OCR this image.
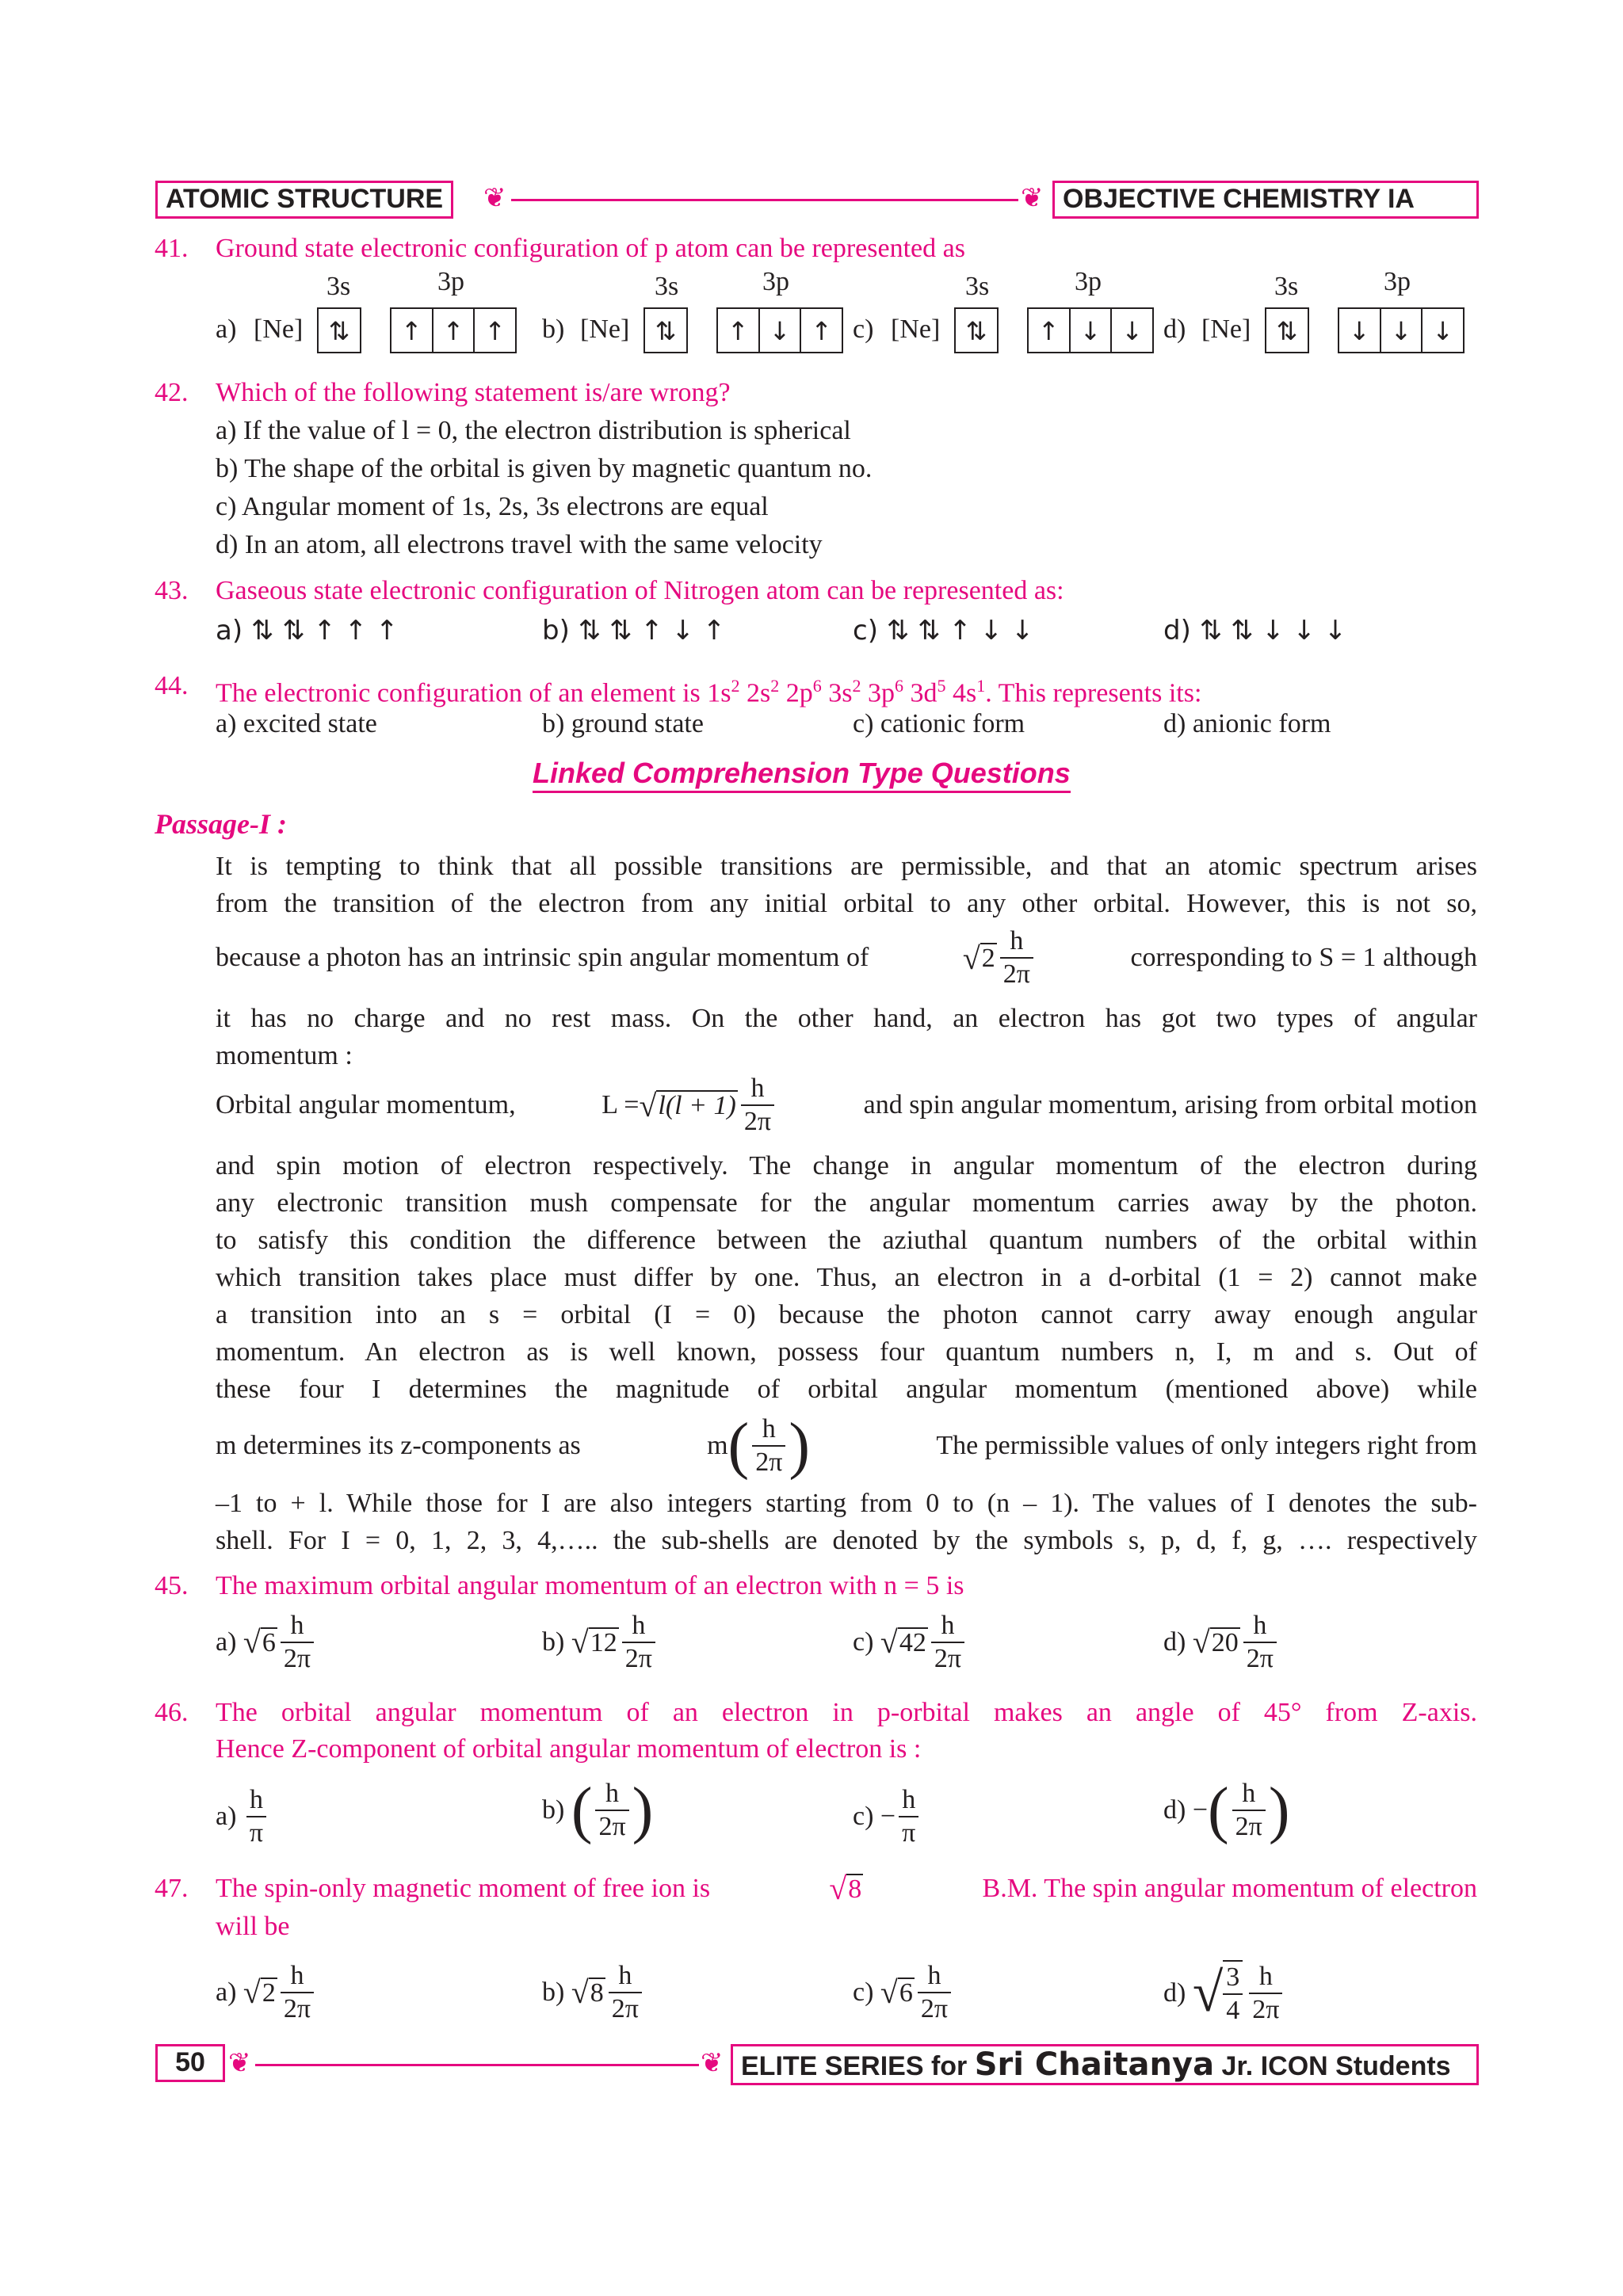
ATOMIC STRUCTURE	❦	❦ OBJECTIVE CHEMISTRY IA
41. Ground state electronic configuration of p atom can be represented as
3s	3p
a) [Ne]	⇅	↑ ↑ ↑
3s	3p
b) [Ne]	⇅	↑ ↓ ↑
3s	3p
c) [Ne]	⇅	↑ ↓ ↓
3s	3p
d) [Ne]	⇅	↓ ↓ ↓
42. Which of the following statement is/are wrong?
a) If the value of l = 0, the electron distribution is spherical
b) The shape of the orbital is given by magnetic quantum no.
c) Angular moment of 1s, 2s, 3s electrons are equal
d) In an atom, all electrons travel with the same velocity
43. Gaseous state electronic configuration of Nitrogen atom can be represented as:
a) ⇅ ⇅ ↑ ↑ ↑	b) ⇅ ⇅ ↑ ↓ ↑	c) ⇅ ⇅ ↑ ↓ ↓	d) ⇅ ⇅ ↓ ↓ ↓
44. The electronic configuration of an element is $1s^2$ $2s^2$ $2p^6$ $3s^2$ $3p^6$ $3d^5$ $4s^1$. This represents its:
a) excited state	b) ground state	c) cationic form	d) anionic form
Linked Comprehension Type Questions
Passage-I :
It is tempting to think that all possible transitions are permissible, and that an atomic spectrum arises
from the transition of the electron from any initial orbital to any other orbital. However, this is not so,
because a photon has an intrinsic spin angular momentum of	√ $2 \frac{h}{2\pi}$	corresponding to S = 1 although
it has no charge and no rest mass. On the other hand, an electron has got two types of angular
momentum :
Orbital angular momentum,	L = √ $l(l + 1) \frac{h}{2\pi}$	and spin angular momentum, arising from orbital motion
and spin motion of electron respectively. The change in angular momentum of the electron during
any electronic transition mush compensate for the angular momentum carries away by the photon.
to satisfy this condition the difference between the aziuthal quantum numbers of the orbital within
which transition takes place must differ by one. Thus, an electron in a d-orbital (1 = 2) cannot make
a transition into an s = orbital (I = 0) because the photon cannot carry away enough angular
momentum. An electron as is well known, possess four quantum numbers n, I, m and s. Out of
these four I determines the magnitude of orbital angular momentum (mentioned above) while
m determines its z-components as	m ( $\frac{h}{2\pi}$ )	The permissible values of only integers right from
–1 to + l. While those for I are also integers starting from 0 to (n – 1). The values of I denotes the sub-
shell. For I = 0, 1, 2, 3, 4,….. the sub-shells are denoted by the symbols s, p, d, f, g, …. respectively
45. The maximum orbital angular momentum of an electron with n = 5 is
a)
√ $6 \frac{h}{2\pi}$	b)
√ $12 \frac{h}{2\pi}$	c)
√ $42 \frac{h}{2\pi}$	d)
√ $20 \frac{h}{2\pi}$
46. The orbital angular momentum of an electron in p-orbital makes an angle of 45° from Z-axis.
Hence Z-component of orbital angular momentum of electron is :
a)
$\frac{h}{\pi}$	b)
( $\frac{h}{2\pi}$ )	c)
− $\frac{h}{\pi}$	d)
− ( $\frac{h}{2\pi}$ )
47. The spin-only magnetic moment of free ion is	√ 8	B.M. The spin angular momentum of electron
will be
a)
√ $2 \frac{h}{2\pi}$	b)
√ $8 \frac{h}{2\pi}$	c)
√ $6 \frac{h}{2\pi}$	d)
√ $\frac{3}{4} \frac{h}{2\pi}$
50 ❦	❦ ELITE SERIES for Sri Chaitanya Jr. ICON Students
